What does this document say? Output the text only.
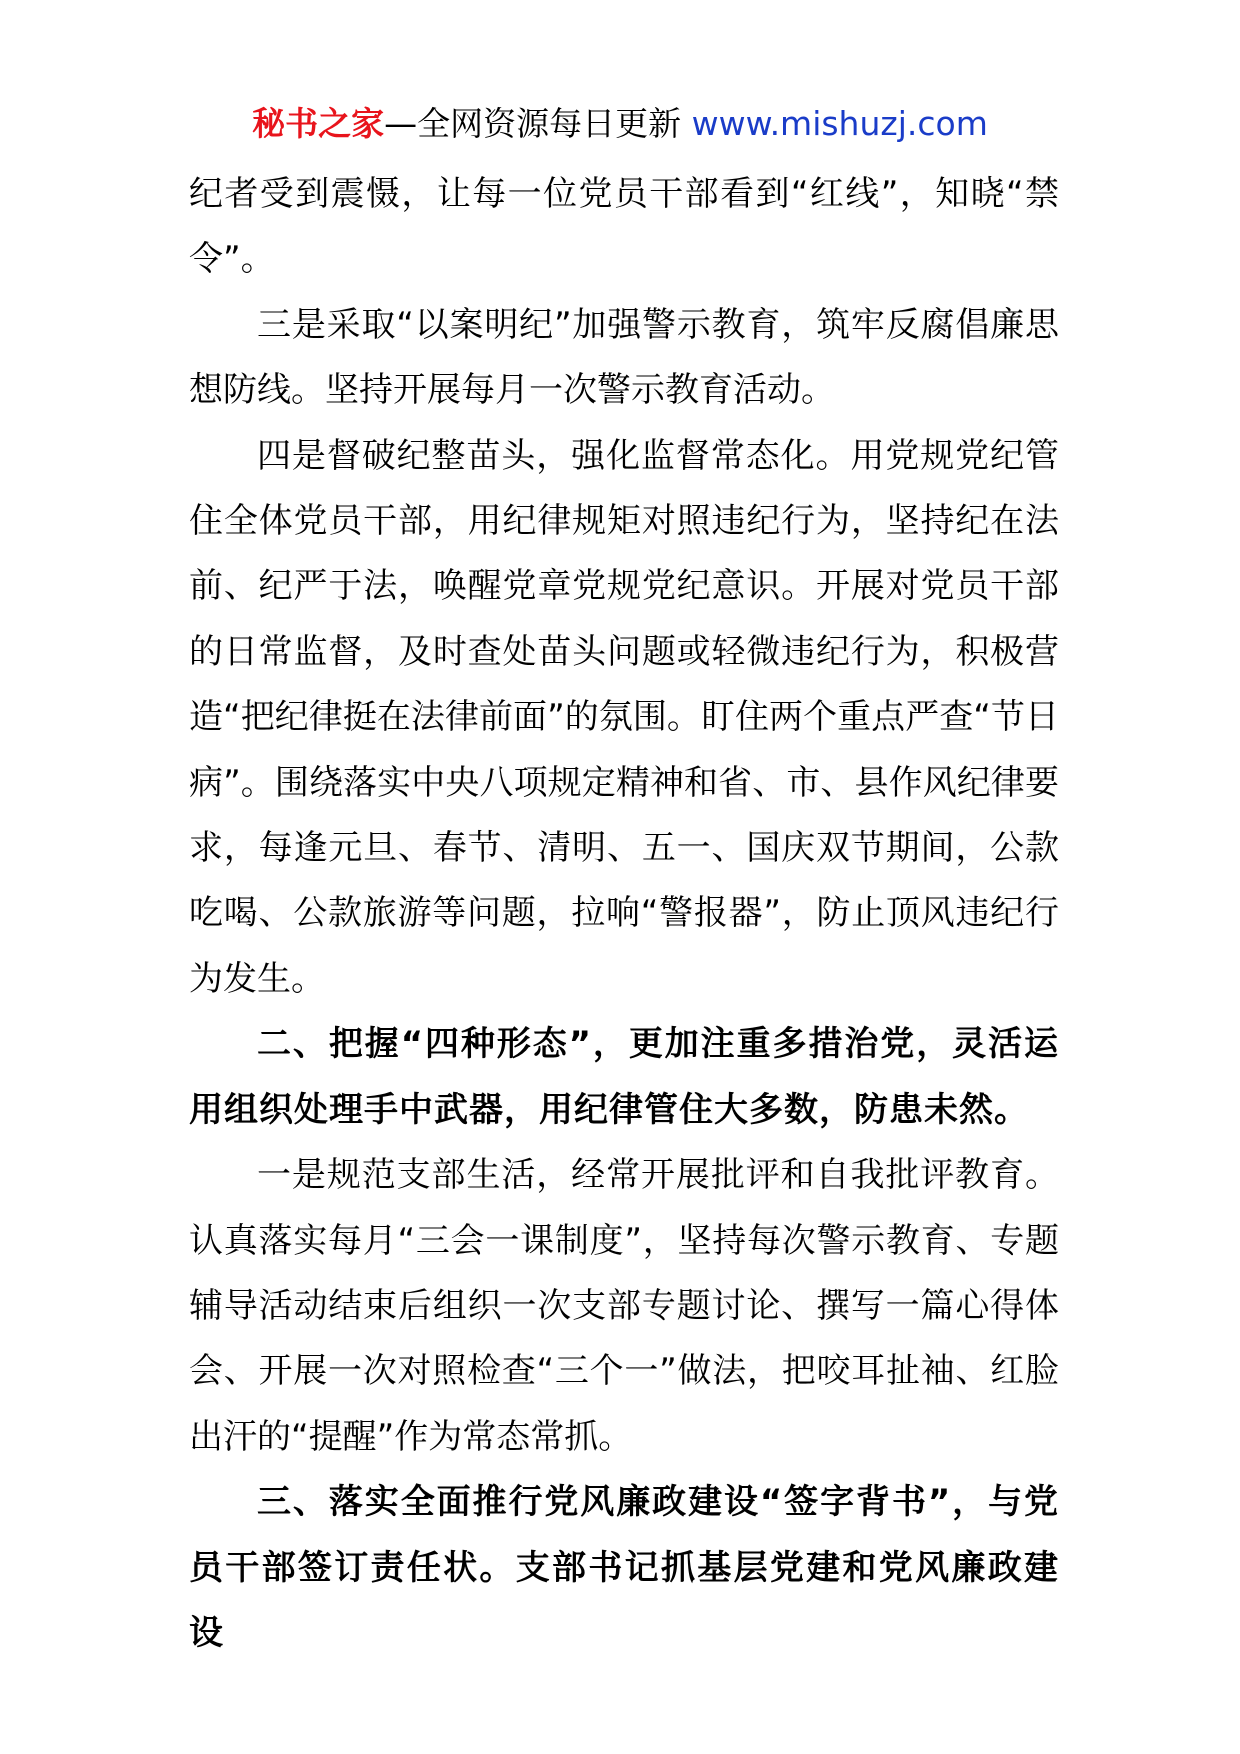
秘书之家—全网资源每日更新 www.mishuzj.com

纪者受到震慑，让每一位党员干部看到“红线”，知晓“禁令”。

三是采取“以案明纪”加强警示教育，筑牢反腐倡廉思想防线。坚持开展每月一次警示教育活动。

四是督破纪整苗头，强化监督常态化。用党规党纪管住全体党员干部，用纪律规矩对照违纪行为，坚持纪在法前、纪严于法，唤醒党章党规党纪意识。开展对党员干部的日常监督，及时查处苗头问题或轻微违纪行为，积极营造“把纪律挺在法律前面”的氛围。盯住两个重点严查“节日病”。围绕落实中央八项规定精神和省、市、县作风纪律要求，每逢元旦、春节、清明、五一、国庆双节期间，公款吃喝、公款旅游等问题，拉响“警报器”，防止顶风违纪行为发生。

二、把握“四种形态”，更加注重多措治党，灵活运用组织处理手中武器，用纪律管住大多数，防患未然。

一是规范支部生活，经常开展批评和自我批评教育。认真落实每月“三会一课制度”，坚持每次警示教育、专题辅导活动结束后组织一次支部专题讨论、撰写一篇心得体会、开展一次对照检查“三个一”做法，把咬耳扯袖、红脸出汗的“提醒”作为常态常抓。

三、落实全面推行党风廉政建设“签字背书”，与党员干部签订责任状。支部书记抓基层党建和党风廉政建设
